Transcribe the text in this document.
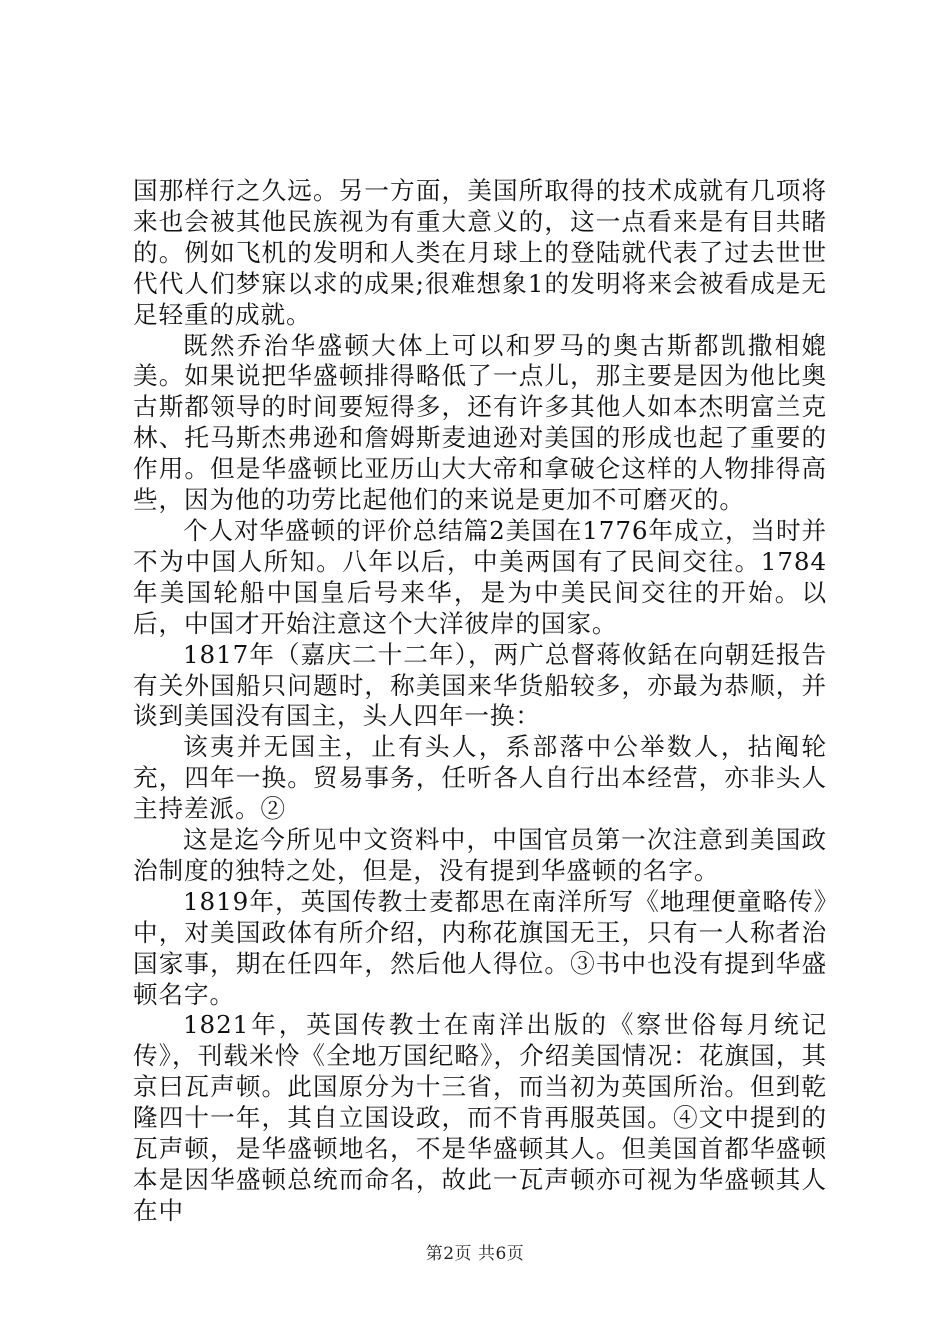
国那样行之久远。另一方面，美国所取得的技术成就有几项将来也会被其他民族视为有重大意义的，这一点看来是有目共睹的。例如飞机的发明和人类在月球上的登陆就代表了过去世世代代人们梦寐以求的成果;很难想象1的发明将来会被看成是无足轻重的成就。

既然乔治华盛顿大体上可以和罗马的奥古斯都凯撒相媲美。如果说把华盛顿排得略低了一点儿，那主要是因为他比奥古斯都领导的时间要短得多，还有许多其他人如本杰明富兰克林、托马斯杰弗逊和詹姆斯麦迪逊对美国的形成也起了重要的作用。但是华盛顿比亚历山大大帝和拿破仑这样的人物排得高些，因为他的功劳比起他们的来说是更加不可磨灭的。

个人对华盛顿的评价总结篇2美国在1776年成立，当时并不为中国人所知。八年以后，中美两国有了民间交往。1784年美国轮船中国皇后号来华，是为中美民间交往的开始。以后，中国才开始注意这个大洋彼岸的国家。

1817年（嘉庆二十二年），两广总督蒋攸銛在向朝廷报告有关外国船只问题时，称美国来华货船较多，亦最为恭顺，并谈到美国没有国主，头人四年一换：

该夷并无国主，止有头人，系部落中公举数人，拈阄轮充，四年一换。贸易事务，任听各人自行出本经营，亦非头人主持差派。②

这是迄今所见中文资料中，中国官员第一次注意到美国政治制度的独特之处，但是，没有提到华盛顿的名字。

1819年，英国传教士麦都思在南洋所写《地理便童略传》中，对美国政体有所介绍，内称花旗国无王，只有一人称者治国家事，期在任四年，然后他人得位。③书中也没有提到华盛顿名字。

1821年，英国传教士在南洋出版的《察世俗每月统记传》，刊载米怜《全地万国纪略》，介绍美国情况：花旗国，其京曰瓦声顿。此国原分为十三省，而当初为英国所治。但到乾隆四十一年，其自立国设政，而不肯再服英国。④文中提到的瓦声顿，是华盛顿地名，不是华盛顿其人。但美国首都华盛顿本是因华盛顿总统而命名，故此一瓦声顿亦可视为华盛顿其人在中

第2页 共6页
